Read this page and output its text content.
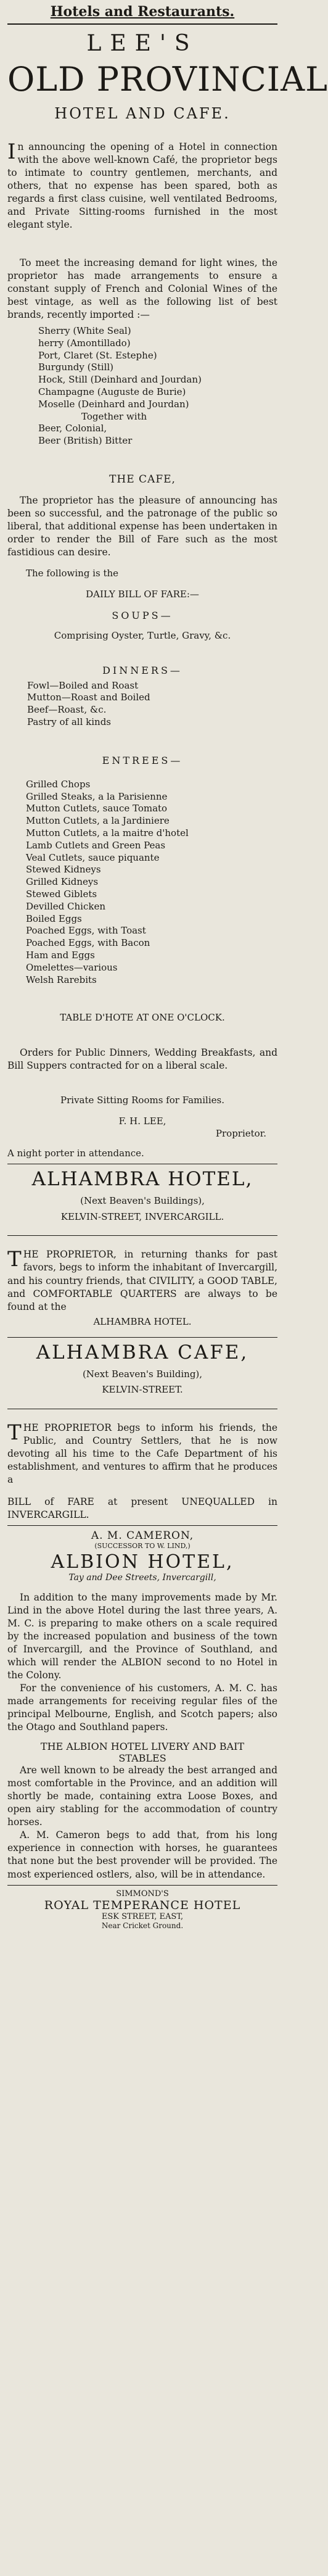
Hotels and Restaurants.
LEE'S
OLD PROVINCIAL
HOTEL AND CAFE.

In announcing the opening of a Hotel in connection with the above well-known Café, the proprietor begs to intimate to country gentlemen, merchants, and others, that no expense has been spared, both as regards a first class cuisine, well ventilated Bedrooms, and Private Sitting-rooms furnished in the most elegant style.

To meet the increasing demand for light wines, the proprietor has made arrangements to ensure a constant supply of French and Colonial Wines of the best vintage, as well as the following list of best brands, recently imported :—

Sherry (White Seal)
herry (Amontillado)
Port, Claret (St. Estephe)
Burgundy (Still)
Hock, Still (Deinhard and Jourdan)
Champagne (Auguste de Burie)
Moselle (Deinhard and Jourdan)
Together with
Beer, Colonial,
Beer (British) Bitter
THE CAFE,

The proprietor has the pleasure of announcing has been so successful, and the patronage of the public so liberal, that additional expense has been undertaken in order to render the Bill of Fare such as the most fastidious can desire.

The following is the
DAILY BILL OF FARE:—
SOUPS—
Comprising Oyster, Turtle, Gravy, &c.
DINNERS—
Fowl—Boiled and Roast
Mutton—Roast and Boiled
Beef—Roast, &c.
Pastry of all kinds
ENTREES—
Grilled Chops
Grilled Steaks, a la Parisienne
Mutton Cutlets, sauce Tomato
Mutton Cutlets, a la Jardiniere
Mutton Cutlets, a la maitre d'hotel
Lamb Cutlets and Green Peas
Veal Cutlets, sauce piquante
Stewed Kidneys
Grilled Kidneys
Stewed Giblets
Devilled Chicken
Boiled Eggs
Poached Eggs, with Toast
Poached Eggs, with Bacon
Ham and Eggs
Omelettes—various
Welsh Rarebits
TABLE D'HOTE AT ONE O'CLOCK.

Orders for Public Dinners, Wedding Breakfasts, and Bill Suppers contracted for on a liberal scale.

Private Sitting Rooms for Families.
F. H. LEE,
Proprietor.
A night porter in attendance.
ALHAMBRA HOTEL,
(Next Beaven's Buildings),
KELVIN-STREET, INVERCARGILL.

THE PROPRIETOR, in returning thanks for past favors, begs to inform the inhabitant of Invercargill, and his country friends, that CIVILITY, a GOOD TABLE, and COMFORTABLE QUARTERS are always to be found at the

ALHAMBRA HOTEL.
ALHAMBRA CAFE,
(Next Beaven's Building),
KELVIN-STREET.

THE PROPRIETOR begs to inform his friends, the Public, and Country Settlers, that he is now devoting all his time to the Cafe Department of his establishment, and ventures to affirm that he produces a

BILL of FARE at present UNEQUALLED in INVERCARGILL.

A. M. CAMERON,
(SUCCESSOR TO W. LIND,)
ALBION HOTEL,
Tay and Dee Streets, Invercargill,

In addition to the many improvements made by Mr. Lind in the above Hotel during the last three years, A. M. C. is preparing to make others on a scale required by the increased population and business of the town of Invercargill, and the Province of Southland, and which will render the ALBION second to no Hotel in the Colony.

For the convenience of his customers, A. M. C. has made arrangements for receiving regular files of the principal Melbourne, English, and Scotch papers; also the Otago and Southland papers.

THE ALBION HOTEL LIVERY AND BAIT STABLES

Are well known to be already the best arranged and most comfortable in the Province, and an addition will shortly be made, containing extra Loose Boxes, and open airy stabling for the accommodation of country horses.

A. M. Cameron begs to add that, from his long experience in connection with horses, he guarantees that none but the best provender will be provided. The most experienced ostlers, also, will be in attendance.

SIMMOND'S
ROYAL TEMPERANCE HOTEL
ESK STREET, EAST,
Near Cricket Ground.
